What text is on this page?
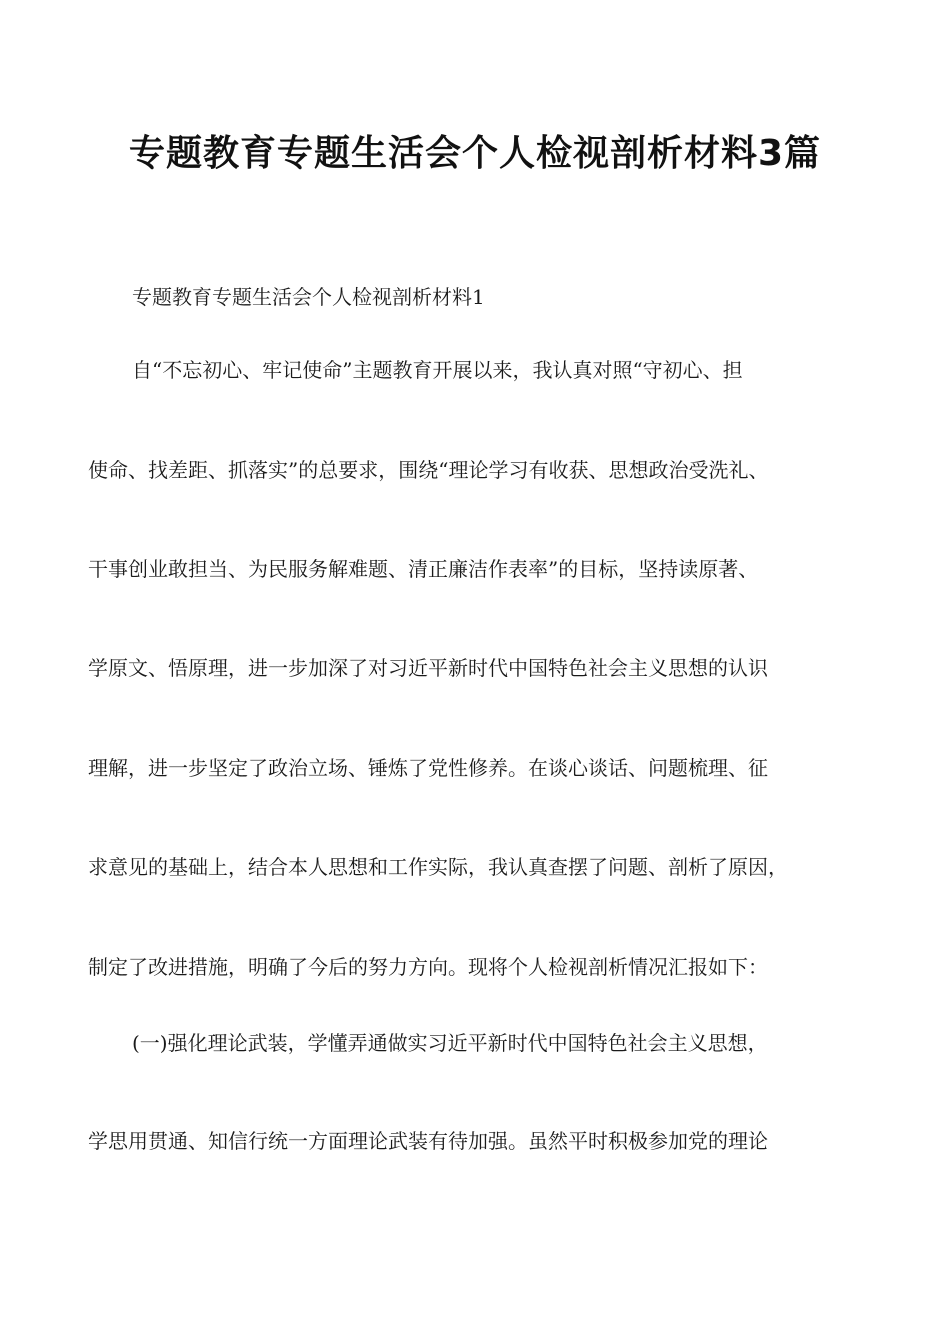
专题教育专题生活会个人检视剖析材料3篇
专题教育专题生活会个人检视剖析材料1
自“不忘初心、牢记使命”主题教育开展以来，我认真对照“守初心、担
使命、找差距、抓落实”的总要求，围绕“理论学习有收获、思想政治受洗礼、
干事创业敢担当、为民服务解难题、清正廉洁作表率”的目标，坚持读原著、
学原文、悟原理，进一步加深了对习近平新时代中国特色社会主义思想的认识
理解，进一步坚定了政治立场、锤炼了党性修养。在谈心谈话、问题梳理、征
求意见的基础上，结合本人思想和工作实际，我认真查摆了问题、剖析了原因，
制定了改进措施，明确了今后的努力方向。现将个人检视剖析情况汇报如下：
(一)强化理论武装，学懂弄通做实习近平新时代中国特色社会主义思想，
学思用贯通、知信行统一方面理论武装有待加强。虽然平时积极参加党的理论
